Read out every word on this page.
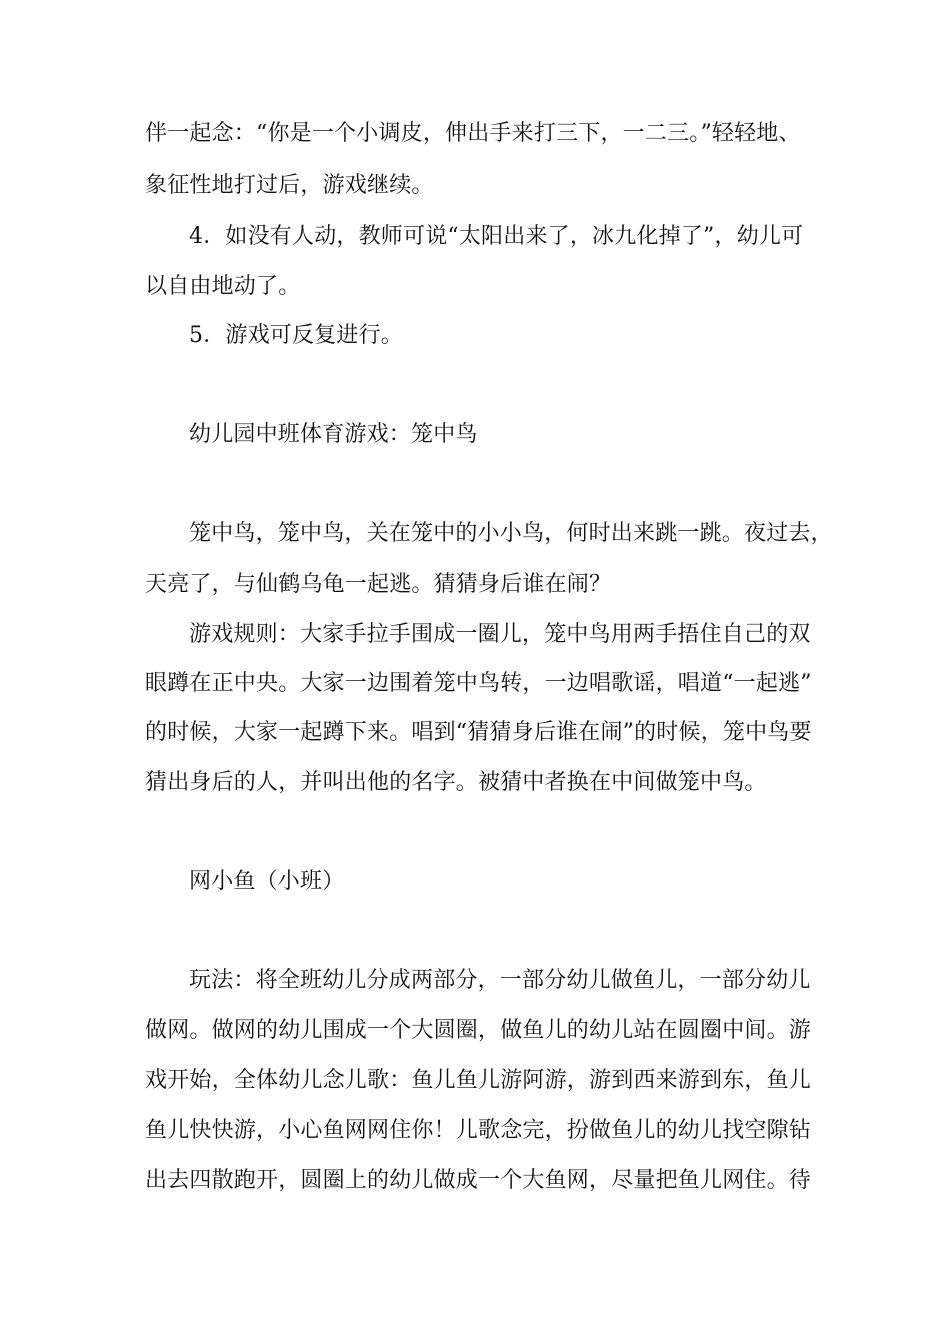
伴一起念：“你是一个小调皮，伸出手来打三下，一二三。”轻轻地、
象征性地打过后，游戏继续。
4．如没有人动，教师可说“太阳出来了，冰九化掉了”，幼儿可
以自由地动了。
5．游戏可反复进行。
幼儿园中班体育游戏：笼中鸟
笼中鸟，笼中鸟，关在笼中的小小鸟，何时出来跳一跳。夜过去，
天亮了，与仙鹤乌龟一起逃。猜猜身后谁在闹？
游戏规则：大家手拉手围成一圈儿，笼中鸟用两手捂住自己的双
眼蹲在正中央。大家一边围着笼中鸟转，一边唱歌谣，唱道“一起逃”
的时候，大家一起蹲下来。唱到“猜猜身后谁在闹”的时候，笼中鸟要
猜出身后的人，并叫出他的名字。被猜中者换在中间做笼中鸟。
网小鱼（小班）
玩法：将全班幼儿分成两部分，一部分幼儿做鱼儿，一部分幼儿
做网。做网的幼儿围成一个大圆圈，做鱼儿的幼儿站在圆圈中间。游
戏开始，全体幼儿念儿歌：鱼儿鱼儿游阿游，游到西来游到东，鱼儿
鱼儿快快游，小心鱼网网住你！儿歌念完，扮做鱼儿的幼儿找空隙钻
出去四散跑开，圆圈上的幼儿做成一个大鱼网，尽量把鱼儿网住。待
